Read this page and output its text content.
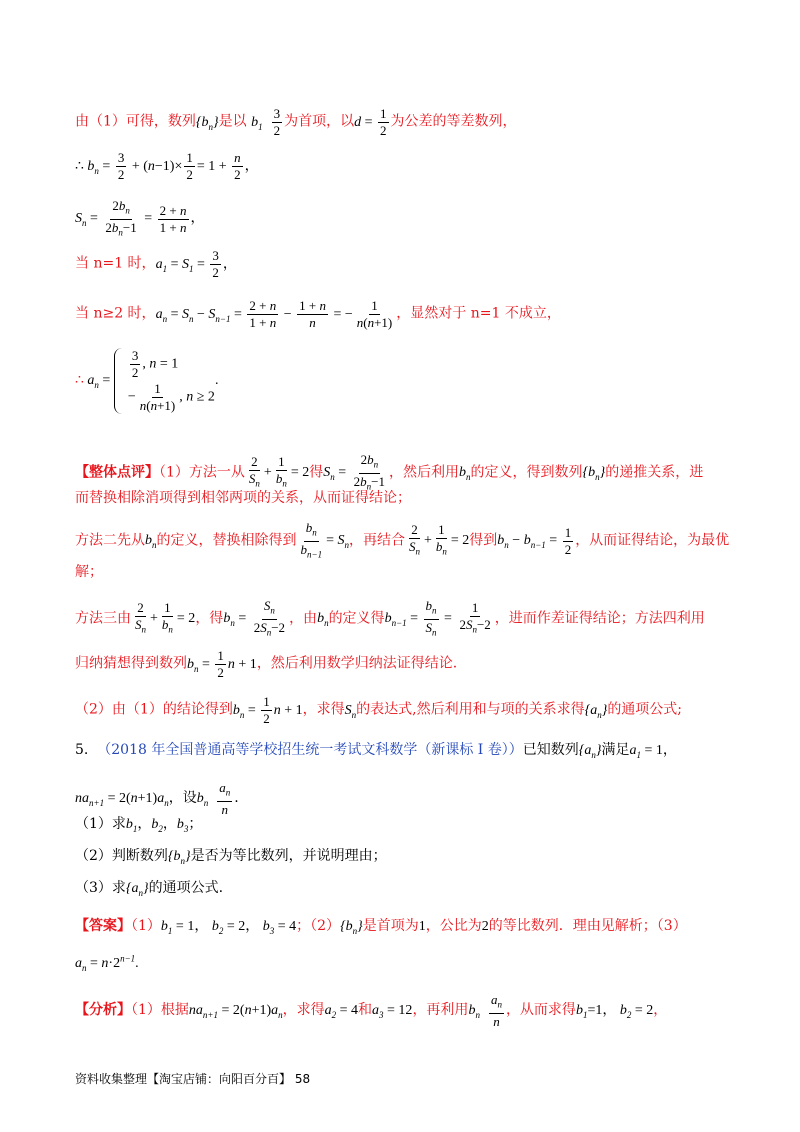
由（1）可得，数列$\{b_n\}$是以 $b_1 \frac{3}{2}$ 为首项，以$d = \frac{1}{2}$ 为公差的等差数列，
∴ $b_n = \frac{3}{2} + (n-1)\times \frac{1}{2} = 1 + \frac{n}{2}$ ，
$S_n = \frac{2b_n}{2b_n-1} = \frac{2 + n}{1 + n}$ ，
当 n=1 时，$a_1 = S_1 = \frac{3}{2}$ ，
当 n≥2 时，$a_n = S_n - S_{n-1} = \frac{2 + n}{1 + n} - \frac{1 + n}{n}$ = − $\frac{1}{n(n+1)}$ ，显然对于 n=1 不成立，
∴ $a_n = \frac{3}{2}$ , n = 1
− $\frac{1}{n(n+1)}$ , n ≥ 2
.
【整体点评】（1）方法一从 $\frac{2}{S_n} + \frac{1}{b_n} = 2$得$S_n = \frac{2b_n}{2b_n-1}$ ，然后利用$b_n$的定义，得到数列$\{b_n\}$的递推关系，进
而替换相除消项得到相邻两项的关系，从而证得结论；
方法二先从$b_n$的定义，替换相除得到 $\frac{b_n}{b_{n-1}} = S_n$，再结合 $\frac{2}{S_n} + \frac{1}{b_n} = 2$得到$b_n - b_{n-1} = \frac{1}{2}$ ，从而证得结论，为最优
解；
方法三由 $\frac{2}{S_n} + \frac{1}{b_n} = 2$，得$b_n = \frac{S_n}{2S_n-2}$ ，由$b_n$的定义得$b_{n-1} = \frac{b_n}{S_n} = \frac{1}{2S_n-2}$ ，进而作差证得结论；方法四利用
归纳猜想得到数列$b_n = \frac{1}{2}$ n + 1，然后利用数学归纳法证得结论.
（2）由（1）的结论得到$b_n = \frac{1}{2}$ n + 1，求得$S_n$的表达式,然后利用和与项的关系求得$\{a_n\}$的通项公式;
5. （2018 年全国普通高等学校招生统一考试文科数学（新课标 I 卷））已知数列$\{a_n\}$满足$a_1 = 1$，
$na_{n+1} = 2(n+1)a_n$，设$b_n \frac{a_n}{n}$ .
（1）求$b_1$，$b_2$，$b_3$；
（2）判断数列$\{b_n\}$是否为等比数列，并说明理由；
（3）求$\{a_n\}$的通项公式.
【答案】$(1)b_1 = 1$， $b_2 = 2$， $b_3 = 4$；$(2)\{b_n\}$是首项为1，公比为2的等比数列．理由见解析；（3）
$a_n = n\cdot 2^{n-1}$.
【分析】（1）根据$na_{n+1} = 2(n+1)a_n$，求得$a_2 = 4$和$a_3 = 12$，再利用$b_n \frac{a_n}{n}$ ，从而求得$b_1=1$， $b_2 = 2$，
资料收集整理【淘宝店铺：向阳百分百】 58
